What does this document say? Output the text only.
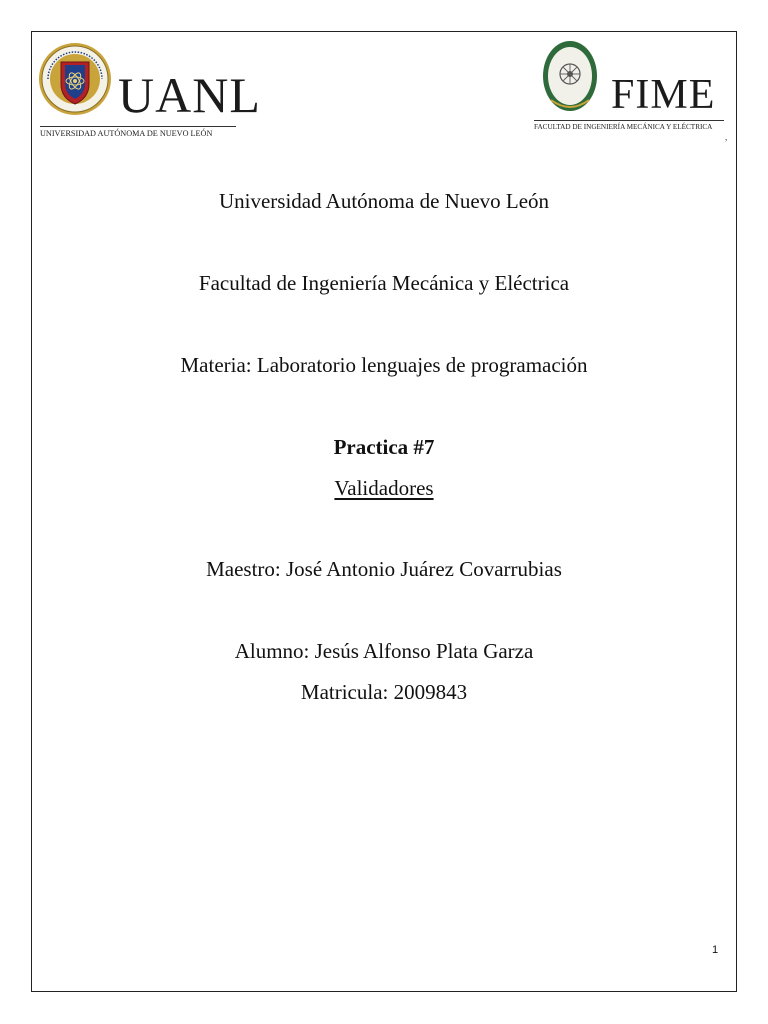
UANL
UNIVERSIDAD AUTÓNOMA DE NUEVO LEÓN
FIME
FACULTAD DE INGENIERÍA MECÁNICA Y ELÉCTRICA
,
Universidad Autónoma de Nuevo León
Facultad de Ingeniería Mecánica y Eléctrica
Materia: Laboratorio lenguajes de programación
Practica #7
Validadores
Maestro: José Antonio Juárez Covarrubias
Alumno: Jesús Alfonso Plata Garza
Matricula: 2009843
1
